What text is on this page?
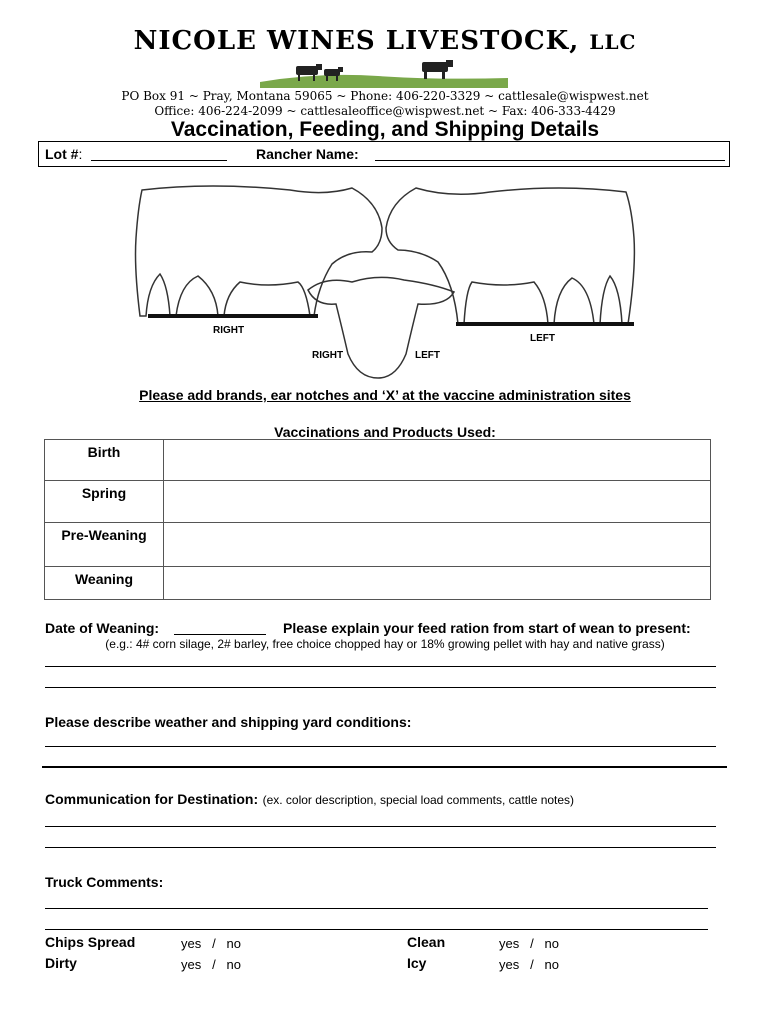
NICOLE WINES LIVESTOCK, LLC
PO Box 91 ~ Pray, Montana 59065 ~ Phone: 406-220-3329 ~ cattlesale@wispwest.net
Office: 406-224-2099 ~ cattlesaleoffice@wispwest.net ~ Fax: 406-333-4429
Vaccination, Feeding, and Shipping Details
Lot #:	Rancher Name:
RIGHT
LEFT
RIGHT	LEFT
Please add brands, ear notches and ‘X’ at the vaccine administration sites
Vaccinations and Products Used:
Birth	
Spring	
Pre-Weaning	
Weaning	
Date of Weaning:	Please explain your feed ration from start of wean to present:
(e.g.: 4# corn silage, 2# barley, free choice chopped hay or 18% growing pellet with hay and native grass)
Please describe weather and shipping yard conditions:
Communication for Destination: (ex. color description, special load comments, cattle notes)
Truck Comments:
Chips Spread	yes / no	Clean	yes / no
Dirty	yes / no	Icy	yes / no
